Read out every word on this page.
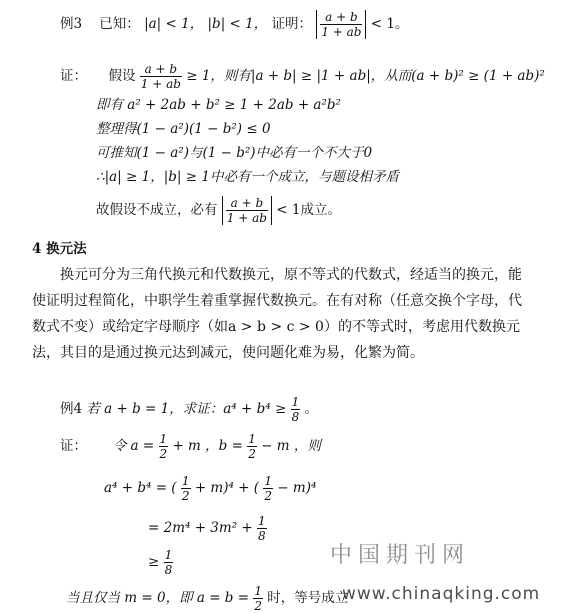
例3 已知： |a| < 1， |b| < 1， 证明： $\frac{a + b}{1 + ab} < 1$。
证： 假设 $\frac{a + b}{1 + ab} \ge 1$，则有|a + b| ≥ |1 + ab|，从而(a + b)² ≥ (1 + ab)²
即有 a² + 2ab + b² ≥ 1 + 2ab + a²b²
整理得(1 − a²)(1 − b²) ≤ 0
可推知(1 − a²)与(1 − b²)中必有一个不大于0
∴|a| ≥ 1，|b| ≥ 1中必有一个成立，与题设相矛盾
故假设不成立，必有 $\frac{a + b}{1 + ab} < 1$成立。
4 换元法
换元可分为三角代换元和代数换元，原不等式的代数式，经适当的换元，能使证明过程简化，中职学生着重掌握代数换元。在有对称（任意交换个字母，代数式不变）或给定字母顺序（如a > b > c > 0）的不等式时，考虑用代数换元法，其目的是通过换元达到减元，使问题化难为易，化繁为简。
例4 若 a + b = 1，求证：$a^4 + b^4 \ge \frac{1}{8}$ 。
证： 令 $a = \frac{1}{2} + m$ ，$b = \frac{1}{2} - m$ ，则
a⁴ + b⁴ = ( $\frac{1}{2} + m)^4$ + ( $\frac{1}{2} - m)^4$
= $2m^4 + 3m^2 + \frac{1}{8}$
≥ $\frac{1}{8}$
当且仅当 m = 0，即 $a = b = \frac{1}{2}$ 时，等号成立
中国期刊网
www.chinaqking.com
